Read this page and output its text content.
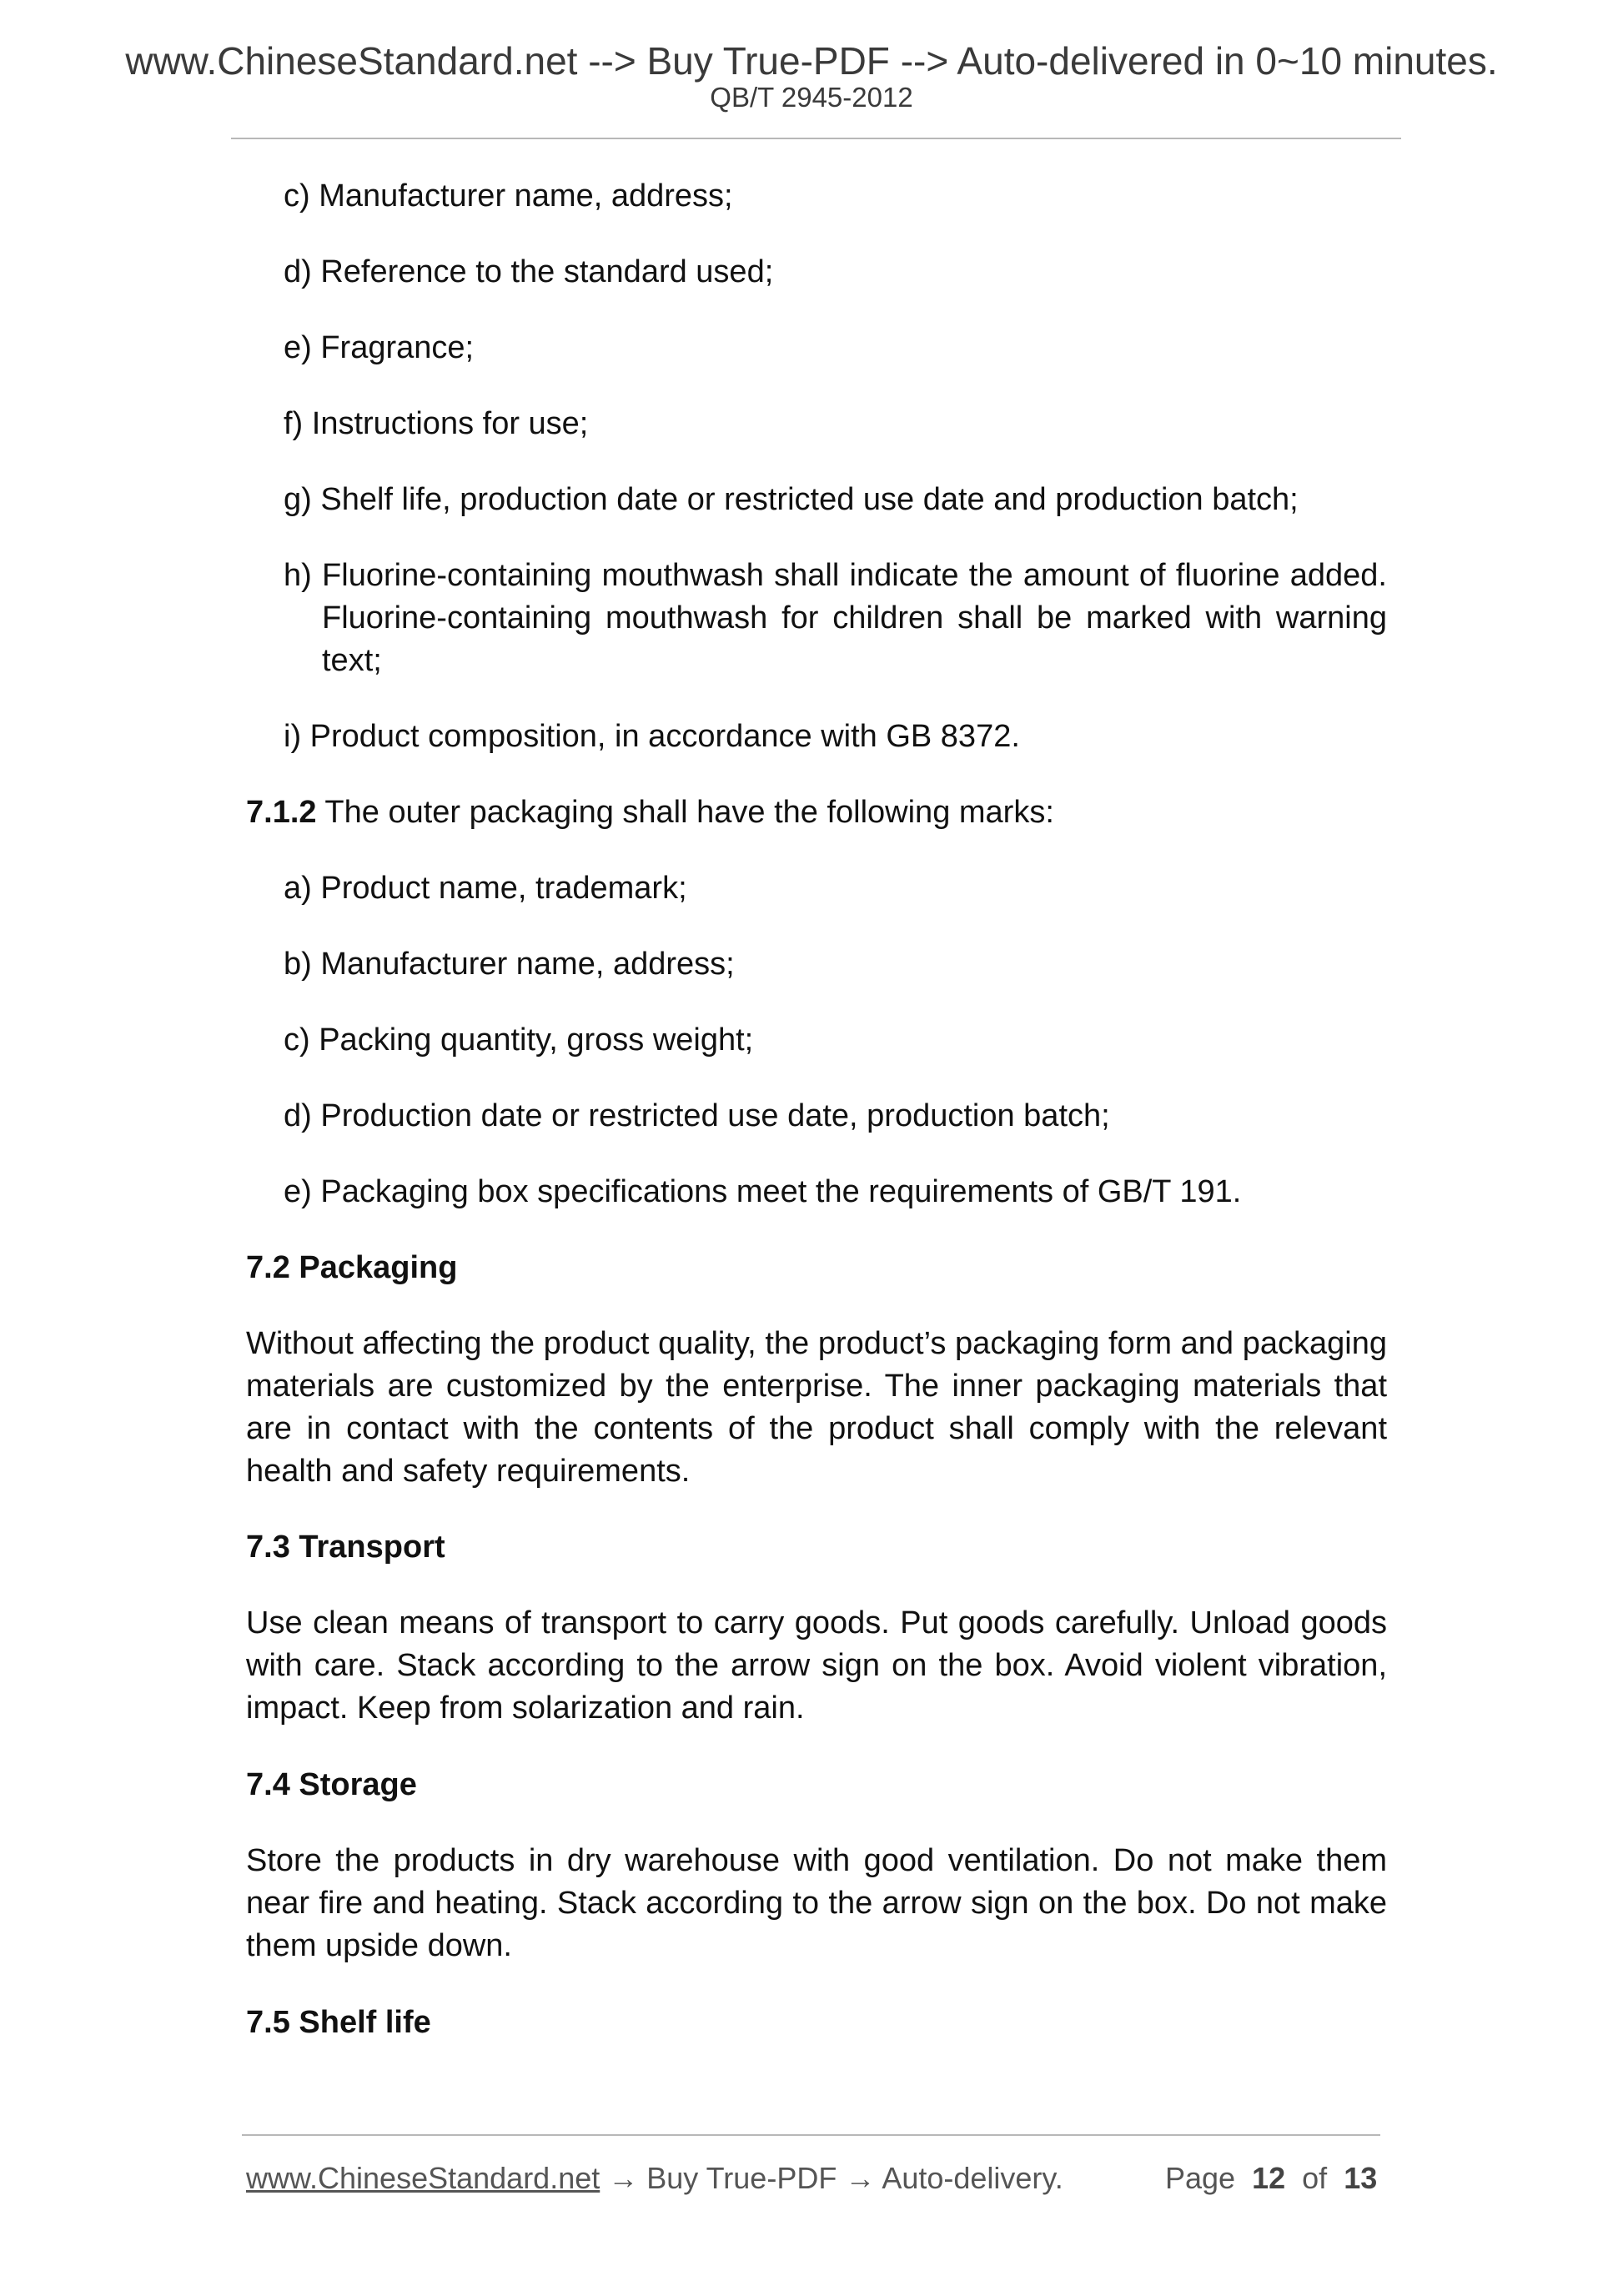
www.ChineseStandard.net --> Buy True-PDF --> Auto-delivered in 0~10 minutes.
QB/T 2945-2012
c) Manufacturer name, address;
d) Reference to the standard used;
e) Fragrance;
f) Instructions for use;
g) Shelf life, production date or restricted use date and production batch;
h) Fluorine-containing mouthwash shall indicate the amount of fluorine added. Fluorine-containing mouthwash for children shall be marked with warning text;
i) Product composition, in accordance with GB 8372.
7.1.2 The outer packaging shall have the following marks:
a) Product name, trademark;
b) Manufacturer name, address;
c) Packing quantity, gross weight;
d) Production date or restricted use date, production batch;
e) Packaging box specifications meet the requirements of GB/T 191.
7.2 Packaging
Without affecting the product quality, the product’s packaging form and packaging materials are customized by the enterprise. The inner packaging materials that are in contact with the contents of the product shall comply with the relevant health and safety requirements.
7.3 Transport
Use clean means of transport to carry goods. Put goods carefully. Unload goods with care. Stack according to the arrow sign on the box. Avoid violent vibration, impact. Keep from solarization and rain.
7.4 Storage
Store the products in dry warehouse with good ventilation. Do not make them near fire and heating. Stack according to the arrow sign on the box. Do not make them upside down.
7.5 Shelf life
www.ChineseStandard.net → Buy True-PDF → Auto-delivery.	Page 12 of 13
